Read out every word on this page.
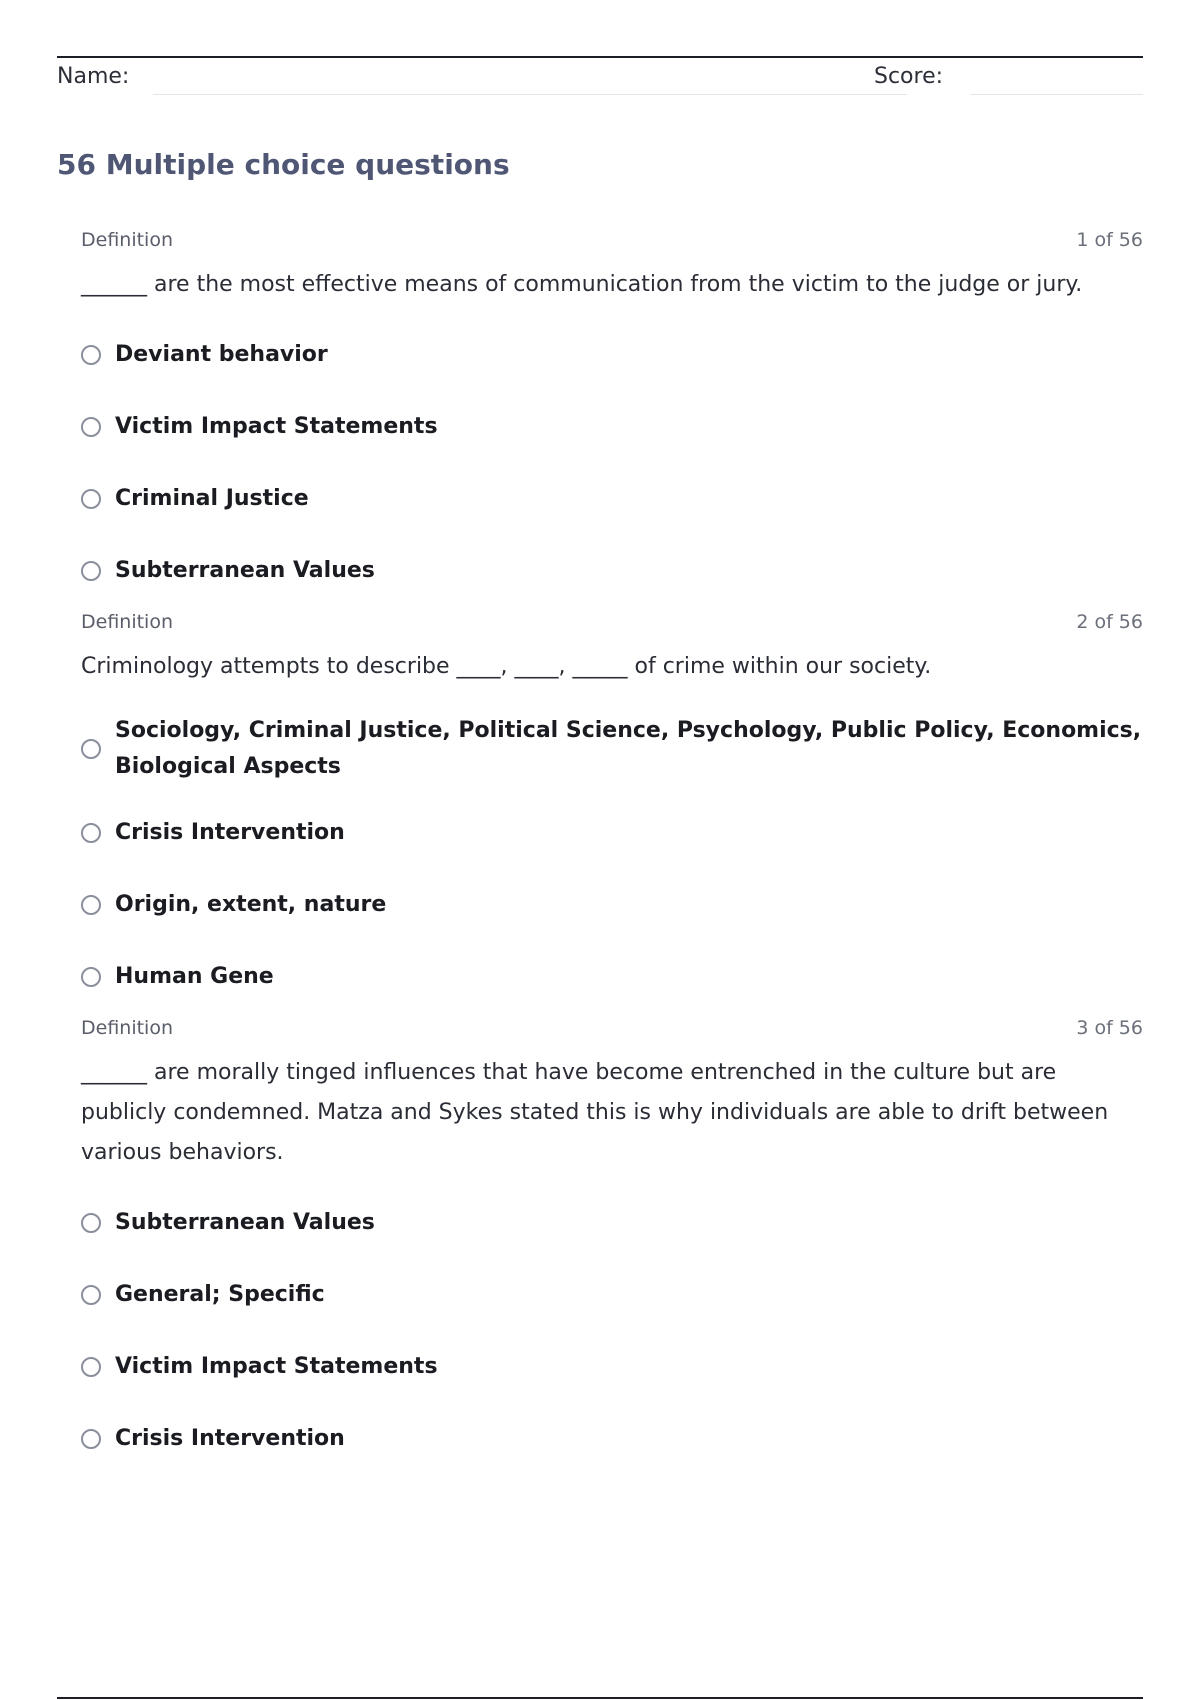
Name:	Score:
56 Multiple choice questions
Definition	1 of 56
______ are the most effective means of communication from the victim to the judge or jury.
Deviant behavior
Victim Impact Statements
Criminal Justice
Subterranean Values
Definition	2 of 56
Criminology attempts to describe ____, ____, _____ of crime within our society.
Sociology, Criminal Justice, Political Science, Psychology, Public Policy, Economics, Biological Aspects
Crisis Intervention
Origin, extent, nature
Human Gene
Definition	3 of 56
______ are morally tinged influences that have become entrenched in the culture but are publicly condemned. Matza and Sykes stated this is why individuals are able to drift between various behaviors.
Subterranean Values
General; Specific
Victim Impact Statements
Crisis Intervention
